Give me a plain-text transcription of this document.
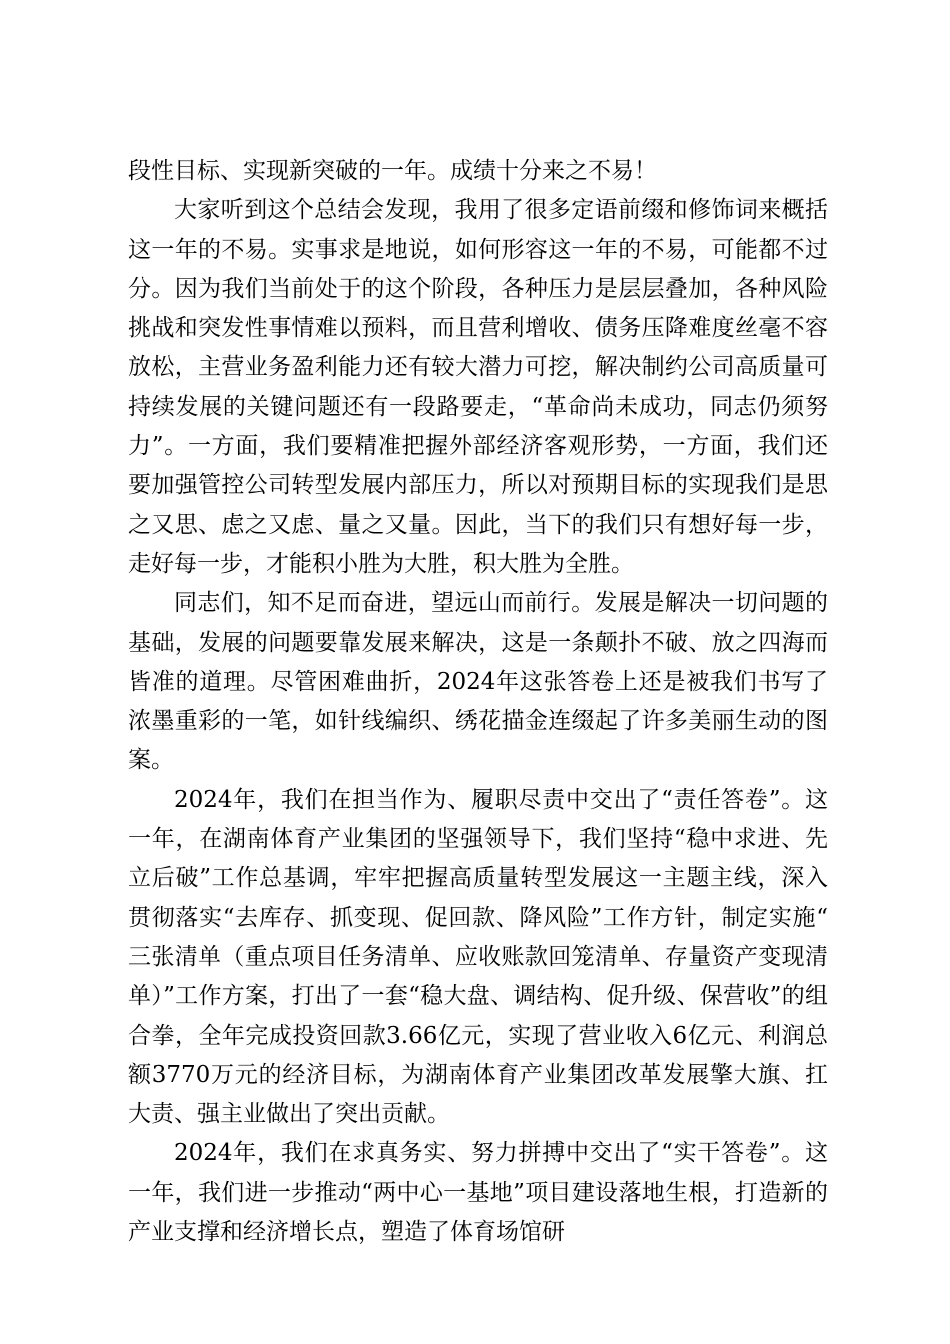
段性目标、实现新突破的一年。成绩十分来之不易！

大家听到这个总结会发现，我用了很多定语前缀和修饰词来概括这一年的不易。实事求是地说，如何形容这一年的不易，可能都不过分。因为我们当前处于的这个阶段，各种压力是层层叠加，各种风险挑战和突发性事情难以预料，而且营利增收、债务压降难度丝毫不容放松，主营业务盈利能力还有较大潜力可挖，解决制约公司高质量可持续发展的关键问题还有一段路要走，“革命尚未成功，同志仍须努力”。一方面，我们要精准把握外部经济客观形势，一方面，我们还要加强管控公司转型发展内部压力，所以对预期目标的实现我们是思之又思、虑之又虑、量之又量。因此，当下的我们只有想好每一步，走好每一步，才能积小胜为大胜，积大胜为全胜。

同志们，知不足而奋进，望远山而前行。发展是解决一切问题的基础，发展的问题要靠发展来解决，这是一条颠扑不破、放之四海而皆准的道理。尽管困难曲折，2024年这张答卷上还是被我们书写了浓墨重彩的一笔，如针线编织、绣花描金连缀起了许多美丽生动的图案。

2024年，我们在担当作为、履职尽责中交出了“责任答卷”。这一年，在湖南体育产业集团的坚强领导下，我们坚持“稳中求进、先立后破”工作总基调，牢牢把握高质量转型发展这一主题主线，深入贯彻落实“去库存、抓变现、促回款、降风险”工作方针，制定实施“三张清单（重点项目任务清单、应收账款回笼清单、存量资产变现清单）”工作方案，打出了一套“稳大盘、调结构、促升级、保营收”的组合拳，全年完成投资回款3.66亿元，实现了营业收入6亿元、利润总额3770万元的经济目标，为湖南体育产业集团改革发展擎大旗、扛大责、强主业做出了突出贡献。

2024年，我们在求真务实、努力拼搏中交出了“实干答卷”。这一年，我们进一步推动“两中心一基地”项目建设落地生根，打造新的产业支撑和经济增长点，塑造了体育场馆研
